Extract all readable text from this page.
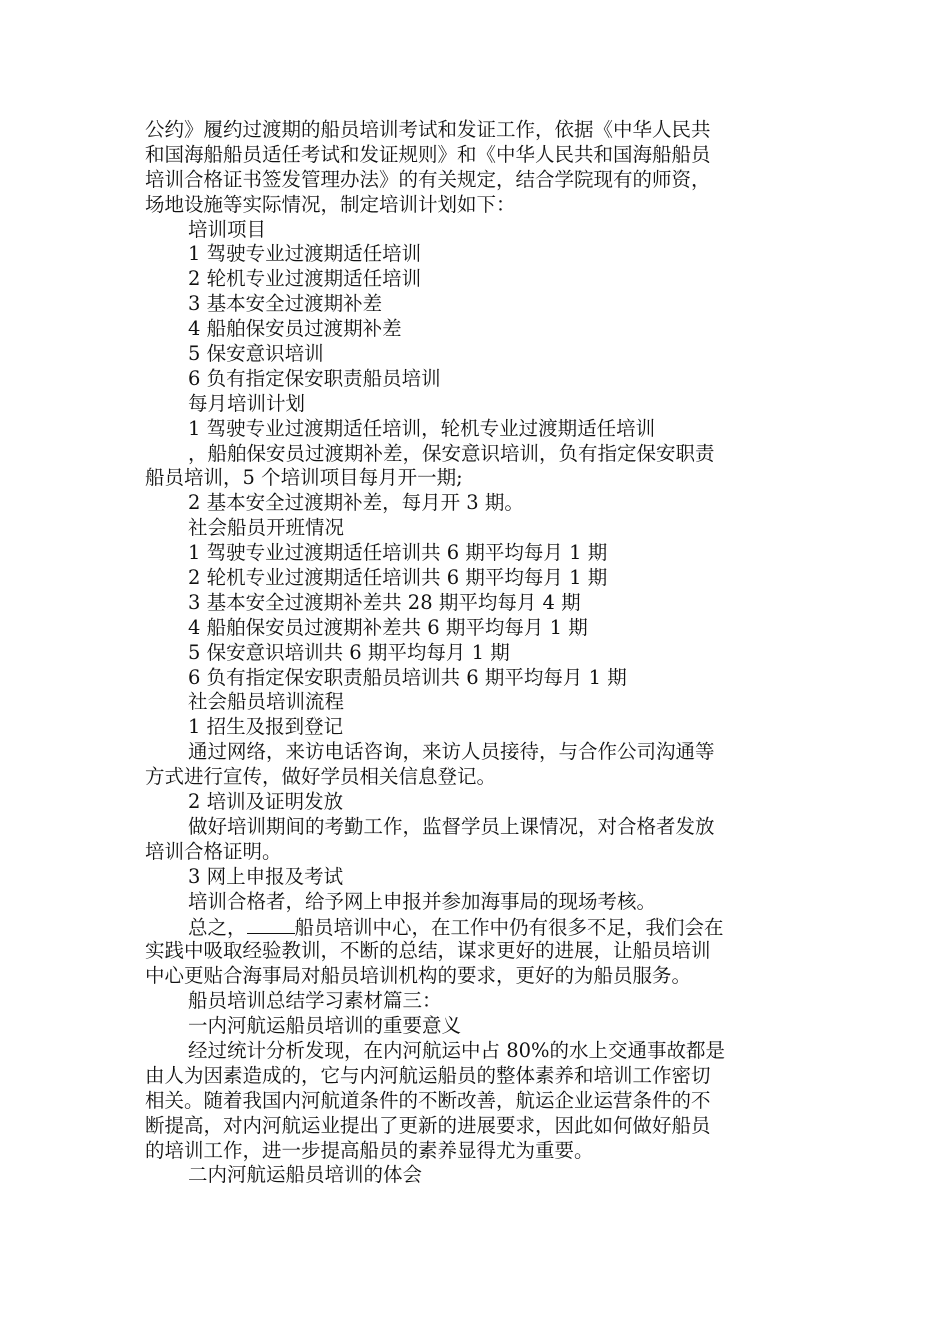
公约》履约过渡期的船员培训考试和发证工作，依据《中华人民共
和国海船船员适任考试和发证规则》和《中华人民共和国海船船员
培训合格证书签发管理办法》的有关规定，结合学院现有的师资，
场地设施等实际情况，制定培训计划如下：
培训项目
1 驾驶专业过渡期适任培训
2 轮机专业过渡期适任培训
3 基本安全过渡期补差
4 船舶保安员过渡期补差
5 保安意识培训
6 负有指定保安职责船员培训
每月培训计划
1 驾驶专业过渡期适任培训，轮机专业过渡期适任培训
，船舶保安员过渡期补差，保安意识培训，负有指定保安职责
船员培训，5 个培训项目每月开一期;
2 基本安全过渡期补差，每月开 3 期。
社会船员开班情况
1 驾驶专业过渡期适任培训共 6 期平均每月 1 期
2 轮机专业过渡期适任培训共 6 期平均每月 1 期
3 基本安全过渡期补差共 28 期平均每月 4 期
4 船舶保安员过渡期补差共 6 期平均每月 1 期
5 保安意识培训共 6 期平均每月 1 期
6 负有指定保安职责船员培训共 6 期平均每月 1 期
社会船员培训流程
1 招生及报到登记
通过网络，来访电话咨询，来访人员接待，与合作公司沟通等
方式进行宣传，做好学员相关信息登记。
2 培训及证明发放
做好培训期间的考勤工作，监督学员上课情况，对合格者发放
培训合格证明。
3 网上申报及考试
培训合格者，给予网上申报并参加海事局的现场考核。
总之， 船员培训中心，在工作中仍有很多不足，我们会在
实践中吸取经验教训，不断的总结，谋求更好的进展，让船员培训
中心更贴合海事局对船员培训机构的要求，更好的为船员服务。
船员培训总结学习素材篇三：
一内河航运船员培训的重要意义
经过统计分析发现，在内河航运中占 80%的水上交通事故都是
由人为因素造成的，它与内河航运船员的整体素养和培训工作密切
相关。随着我国内河航道条件的不断改善，航运企业运营条件的不
断提高，对内河航运业提出了更新的进展要求，因此如何做好船员
的培训工作，进一步提高船员的素养显得尤为重要。
二内河航运船员培训的体会
